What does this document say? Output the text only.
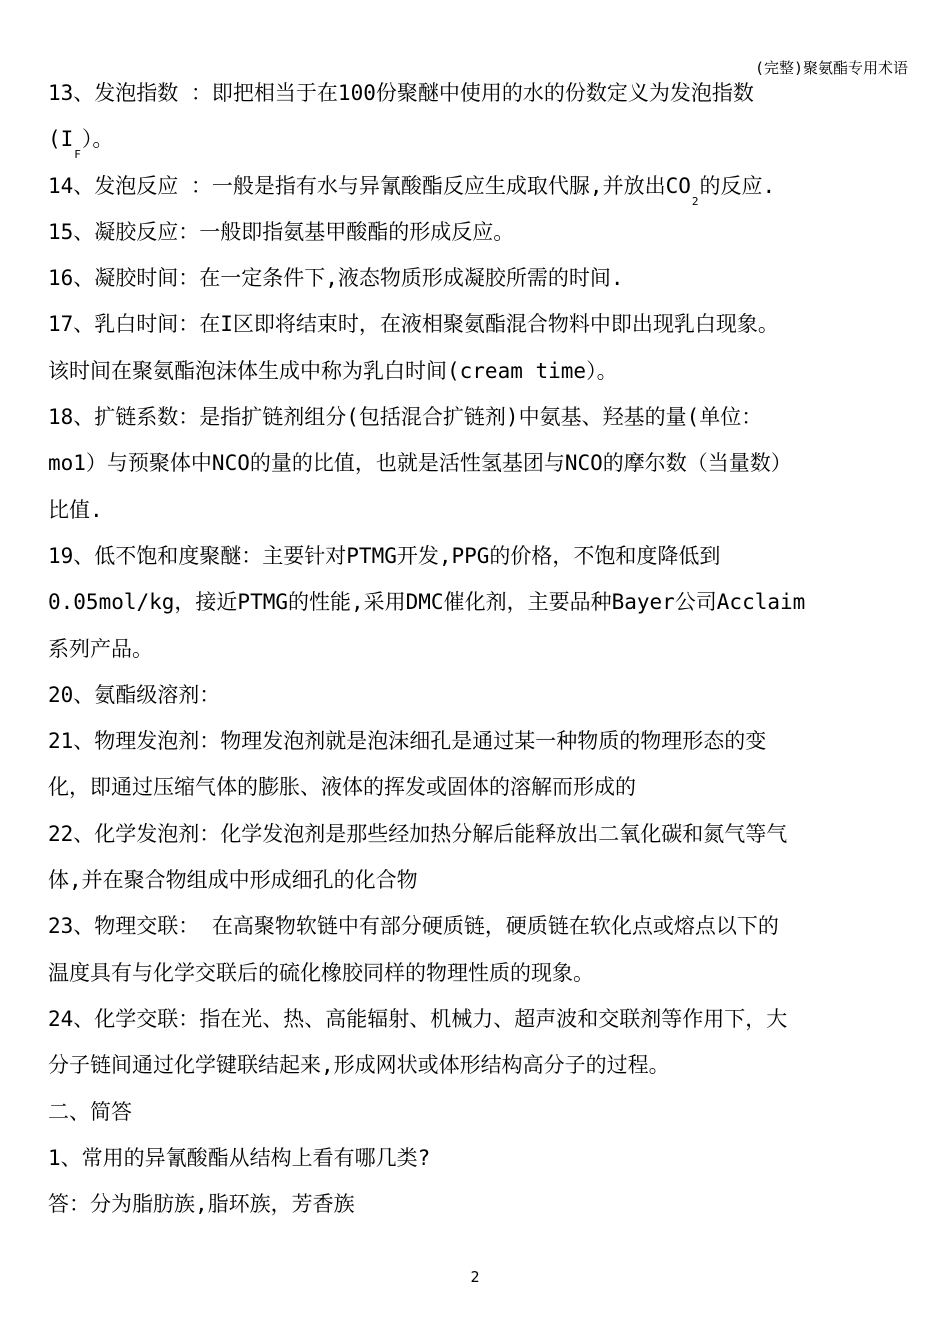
(完整)聚氨酯专用术语
13、发泡指数 ：即把相当于在100份聚醚中使用的水的份数定义为发泡指数
$(I_F)$。
14、发泡反应 ：一般是指有水与异氰酸酯反应生成取代脲,并放出$CO_2$的反应.
15、凝胶反应：一般即指氨基甲酸酯的形成反应。
16、凝胶时间：在一定条件下,液态物质形成凝胶所需的时间.
17、乳白时间：在I区即将结束时，在液相聚氨酯混合物料中即出现乳白现象。
该时间在聚氨酯泡沫体生成中称为乳白时间(cream time）。
18、扩链系数：是指扩链剂组分(包括混合扩链剂)中氨基、羟基的量(单位：
mo1）与预聚体中NCO的量的比值，也就是活性氢基团与NCO的摩尔数（当量数）
比值.
19、低不饱和度聚醚：主要针对PTMG开发,PPG的价格，不饱和度降低到
0.05mol/kg，接近PTMG的性能,采用DMC催化剂，主要品种Bayer公司Acclaim
系列产品。
20、氨酯级溶剂：
21、物理发泡剂：物理发泡剂就是泡沫细孔是通过某一种物质的物理形态的变
化，即通过压缩气体的膨胀、液体的挥发或固体的溶解而形成的
22、化学发泡剂：化学发泡剂是那些经加热分解后能释放出二氧化碳和氮气等气
体,并在聚合物组成中形成细孔的化合物
23、物理交联： 在高聚物软链中有部分硬质链，硬质链在软化点或熔点以下的
温度具有与化学交联后的硫化橡胶同样的物理性质的现象。
24、化学交联：指在光、热、高能辐射、机械力、超声波和交联剂等作用下，大
分子链间通过化学键联结起来,形成网状或体形结构高分子的过程。
二、简答
1、常用的异氰酸酯从结构上看有哪几类?
答：分为脂肪族,脂环族，芳香族
2
